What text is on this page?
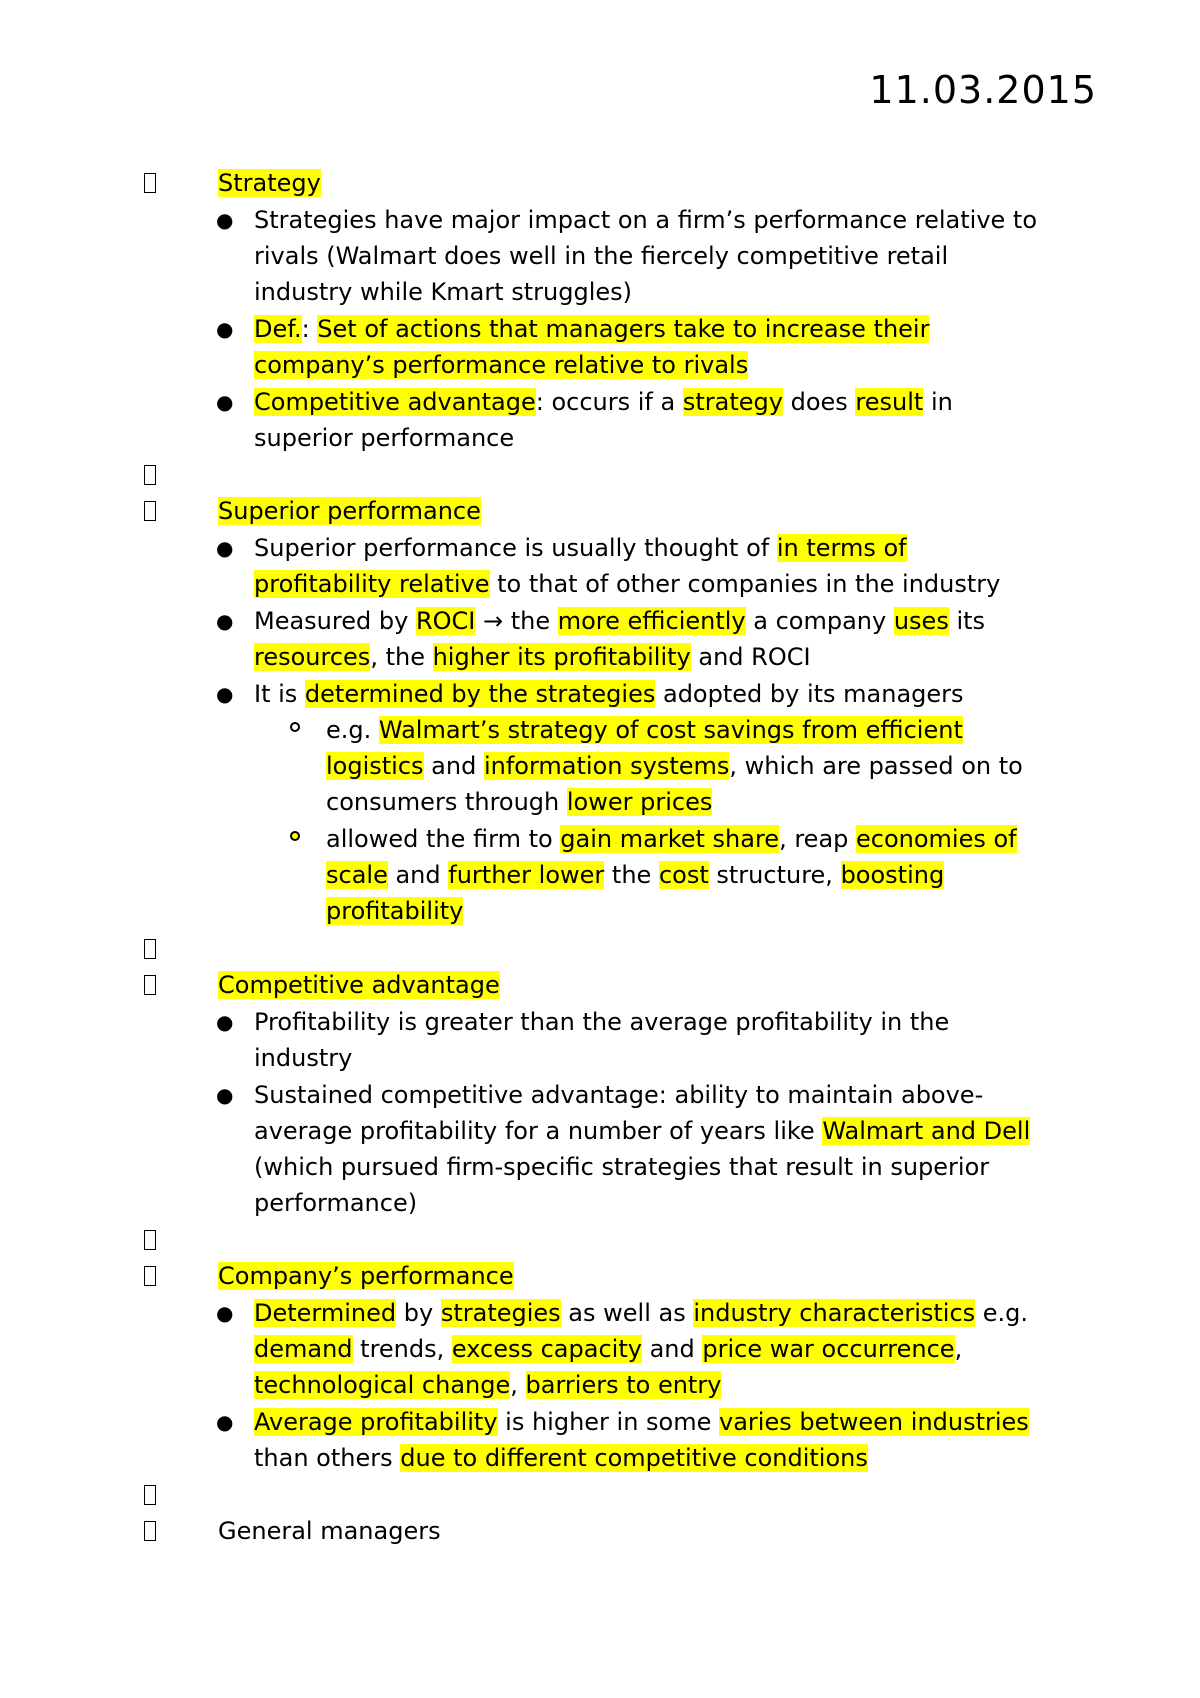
11.03.2015
Strategy
● Strategies have major impact on a firm’s performance relative to
rivals (Walmart does well in the fiercely competitive retail
industry while Kmart struggles)
● Def.: Set of actions that managers take to increase their
company’s performance relative to rivals
● Competitive advantage: occurs if a strategy does result in
superior performance
Superior performance
● Superior performance is usually thought of in terms of
profitability relative to that of other companies in the industry
● Measured by ROCI → the more efficiently a company uses its
resources, the higher its profitability and ROCI
● It is determined by the strategies adopted by its managers
e.g. Walmart’s strategy of cost savings from efficient
logistics and information systems, which are passed on to
consumers through lower prices
allowed the firm to gain market share, reap economies of
scale and further lower the cost structure, boosting
profitability
Competitive advantage
● Profitability is greater than the average profitability in the
industry
● Sustained competitive advantage: ability to maintain above-
average profitability for a number of years like Walmart and Dell
(which pursued firm-specific strategies that result in superior
performance)
Company’s performance
● Determined by strategies as well as industry characteristics e.g.
demand trends, excess capacity and price war occurrence,
technological change, barriers to entry
● Average profitability is higher in some varies between industries
than others due to different competitive conditions
General managers
